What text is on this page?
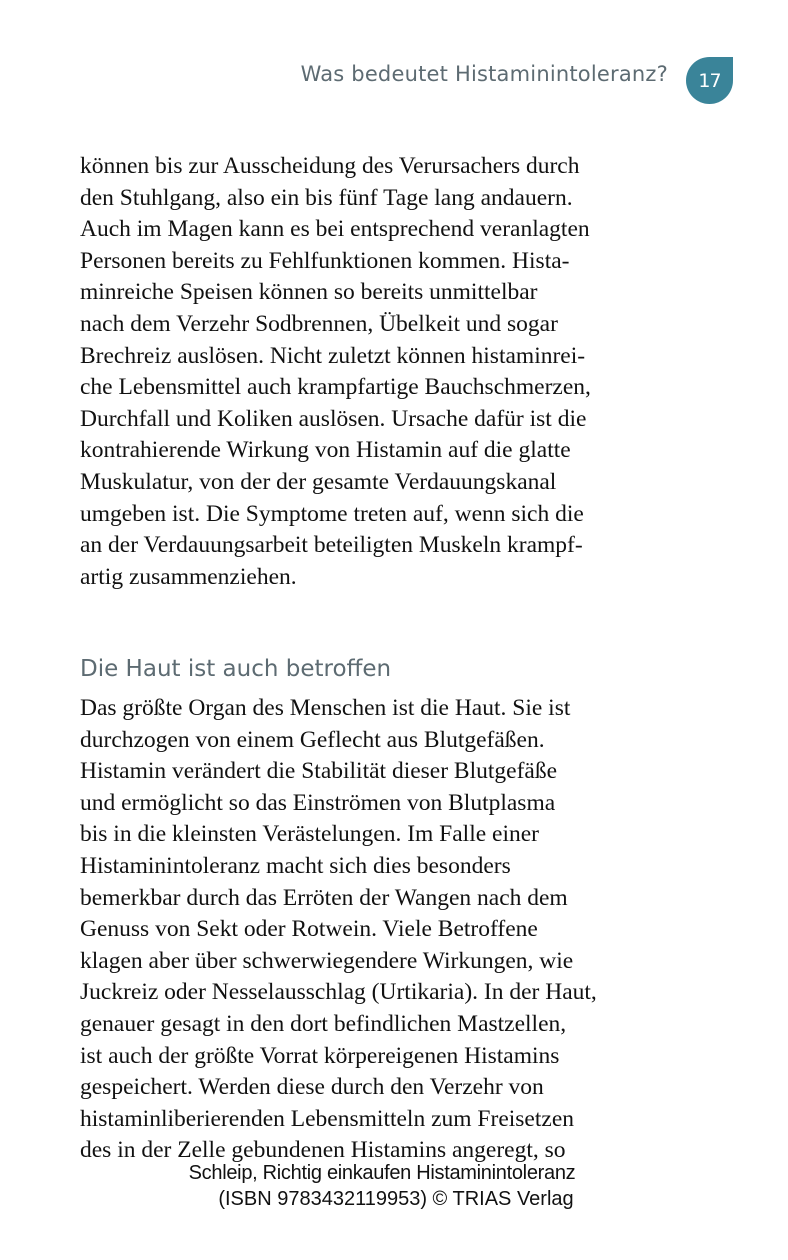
Was bedeutet Histaminintoleranz? 17
können bis zur Ausscheidung des Verursachers durch
den Stuhlgang, also ein bis fünf Tage lang andauern.
Auch im Magen kann es bei entsprechend veranlagten
Personen bereits zu Fehlfunktionen kommen. Hista-
minreiche Speisen können so bereits unmittelbar
nach dem Verzehr Sodbrennen, Übelkeit und sogar
Brechreiz auslösen. Nicht zuletzt können histaminrei-
che Lebensmittel auch krampfartige Bauchschmerzen,
Durchfall und Koliken auslösen. Ursache dafür ist die
kontrahierende Wirkung von Histamin auf die glatte
Muskulatur, von der der gesamte Verdauungskanal
umgeben ist. Die Symptome treten auf, wenn sich die
an der Verdauungsarbeit beteiligten Muskeln krampf-
artig zusammenziehen.
Die Haut ist auch betroffen
Das größte Organ des Menschen ist die Haut. Sie ist
durchzogen von einem Geflecht aus Blutgefäßen.
Histamin verändert die Stabilität dieser Blutgefäße
und ermöglicht so das Einströmen von Blutplasma
bis in die kleinsten Verästelungen. Im Falle einer
Histaminintoleranz macht sich dies besonders
bemerkbar durch das Erröten der Wangen nach dem
Genuss von Sekt oder Rotwein. Viele Betroffene
klagen aber über schwerwiegendere Wirkungen, wie
Juckreiz oder Nesselausschlag (Urtikaria). In der Haut,
genauer gesagt in den dort befindlichen Mastzellen,
ist auch der größte Vorrat körpereigenen Histamins
gespeichert. Werden diese durch den Verzehr von
histaminliberierenden Lebensmitteln zum Freisetzen
des in der Zelle gebundenen Histamins angeregt, so
Schleip, Richtig einkaufen Histaminintoleranz
(ISBN 9783432119953) © TRIAS Verlag
